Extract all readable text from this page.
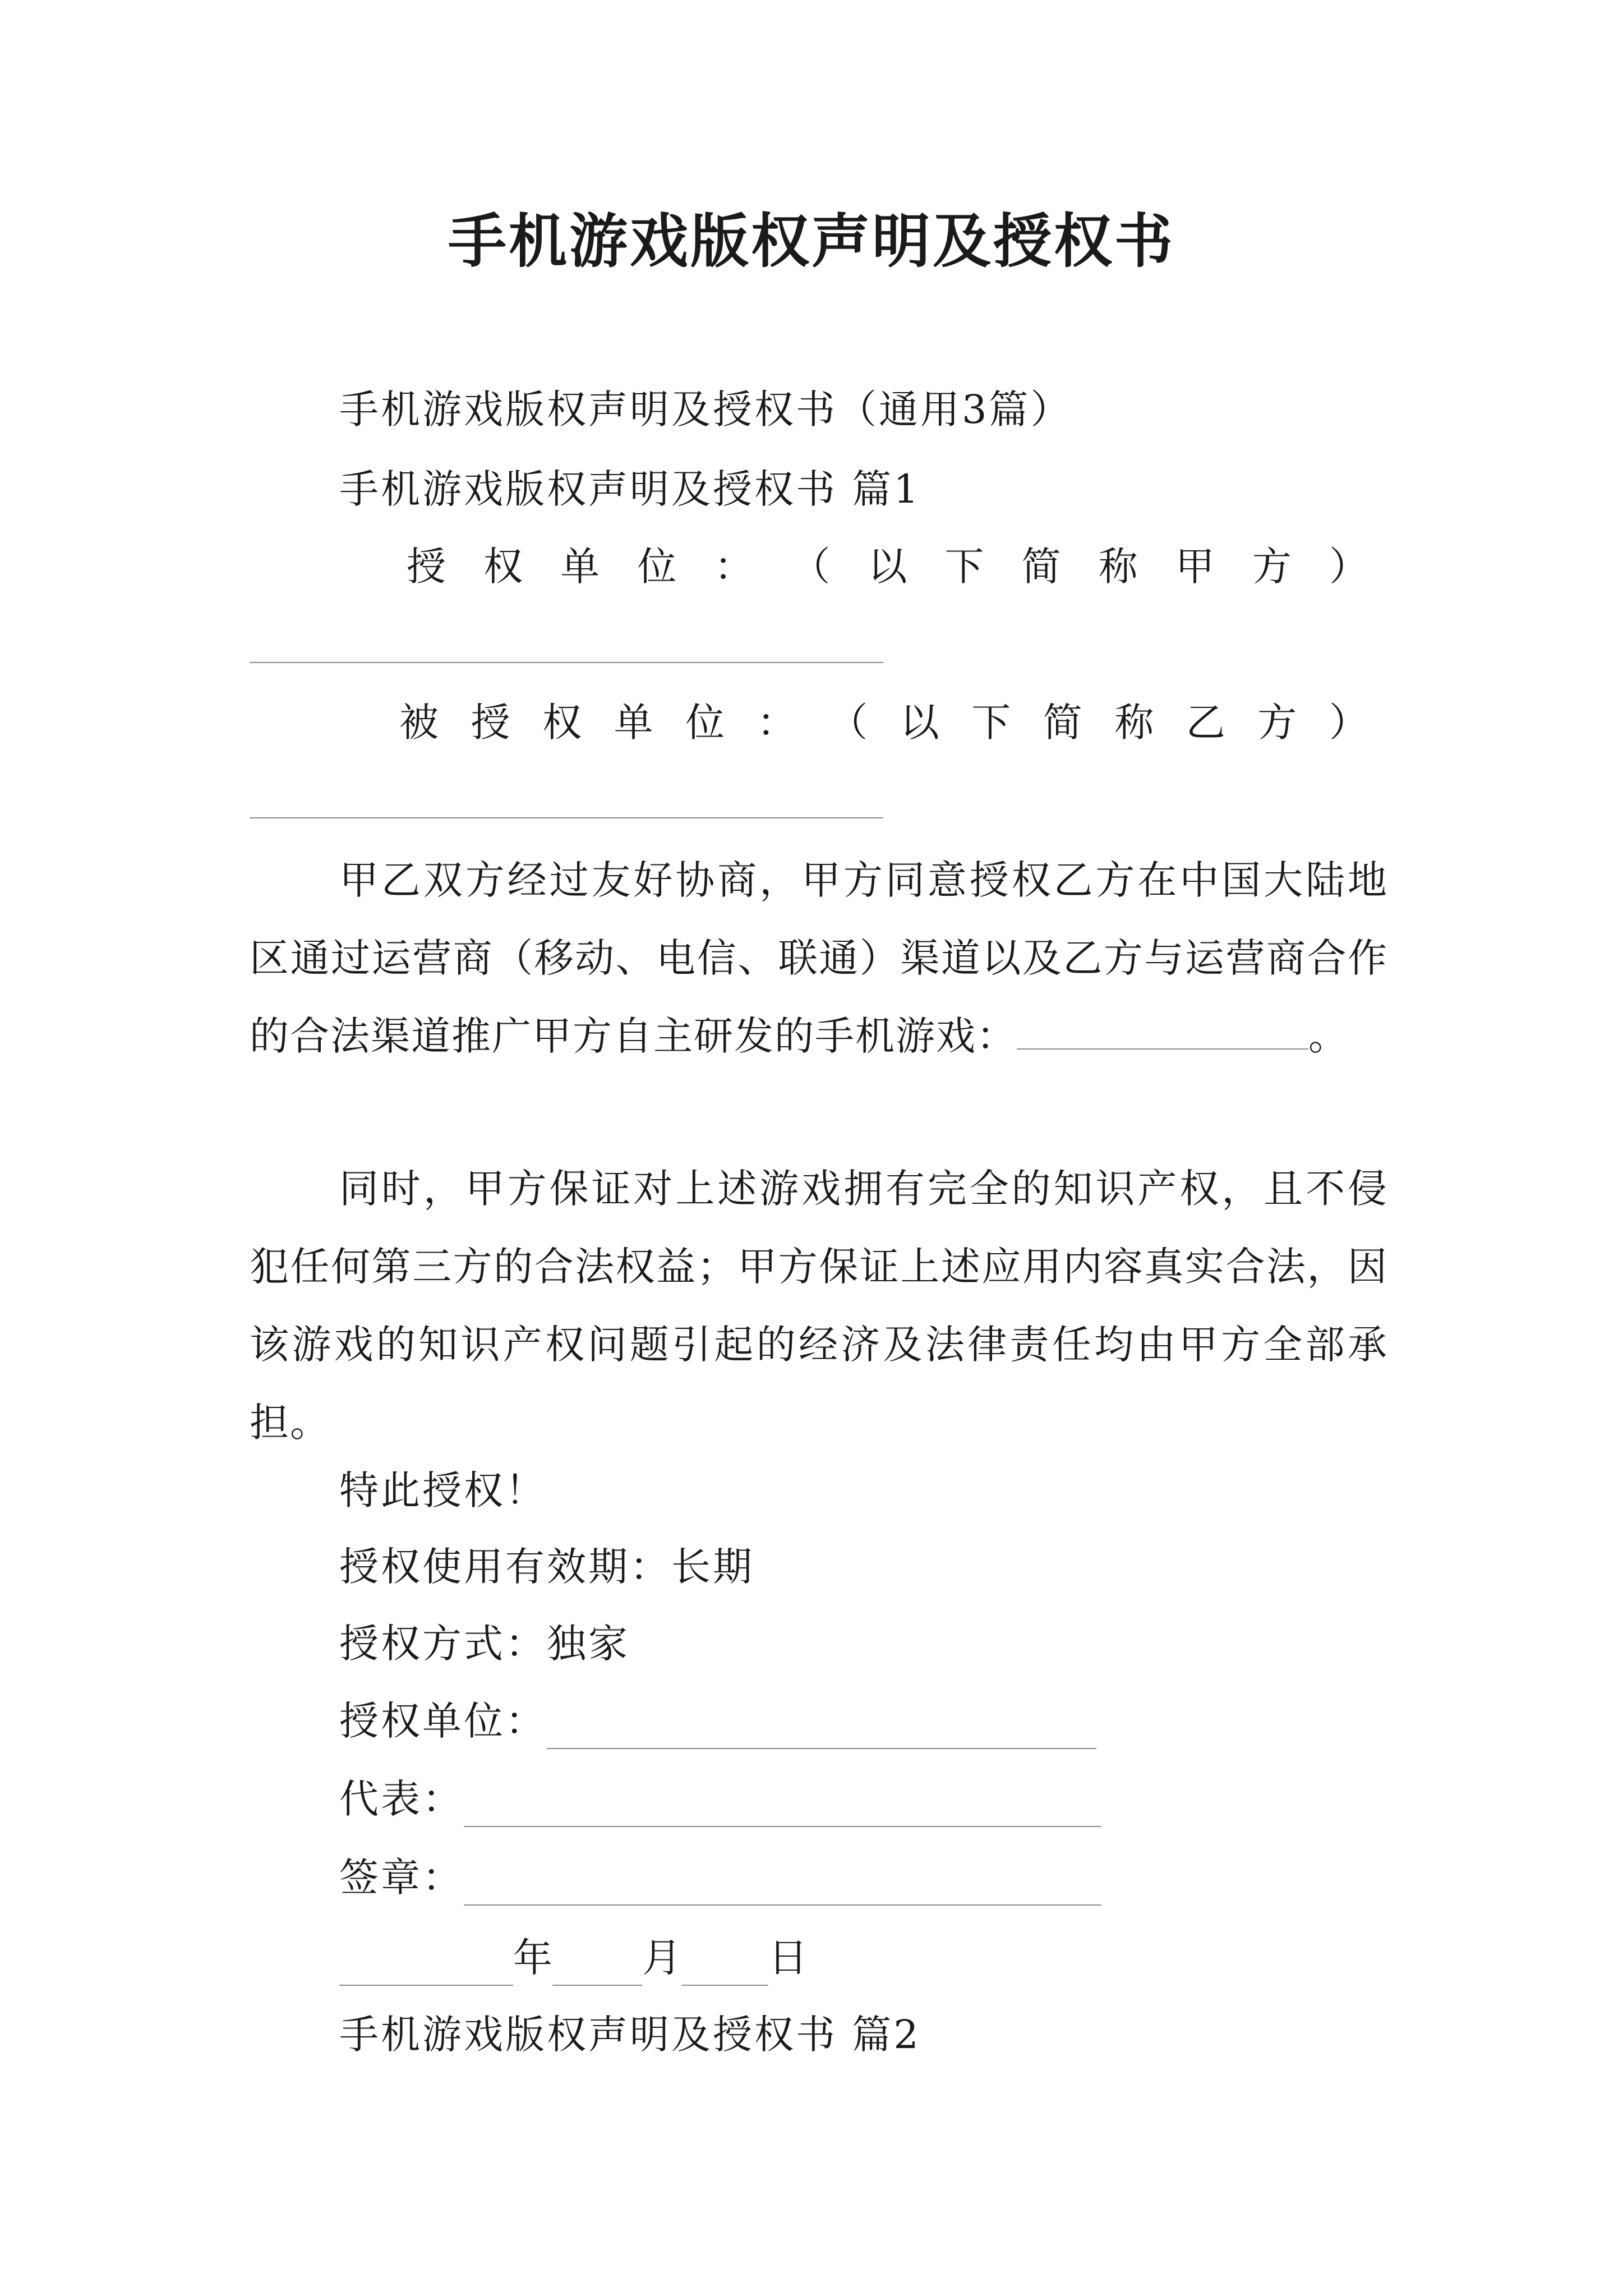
手机游戏版权声明及授权书
手机游戏版权声明及授权书（通用3篇）
手机游戏版权声明及授权书 篇1
授 权 单 位 ： （ 以 下 简 称 甲 方 ）
被 授 权 单 位 ： （ 以 下 简 称 乙 方 ）
甲乙双方经过友好协商，甲方同意授权乙方在中国大陆地区通过运营商（移动、电信、联通）渠道以及乙方与运营商合作的合法渠道推广甲方自主研发的手机游戏：	。
同时，甲方保证对上述游戏拥有完全的知识产权，且不侵犯任何第三方的合法权益；甲方保证上述应用内容真实合法，因该游戏的知识产权问题引起的经济及法律责任均由甲方全部承担。
特此授权！
授权使用有效期：长期
授权方式：独家
授权单位：
代表：
签章：
年 月 日
手机游戏版权声明及授权书 篇2
